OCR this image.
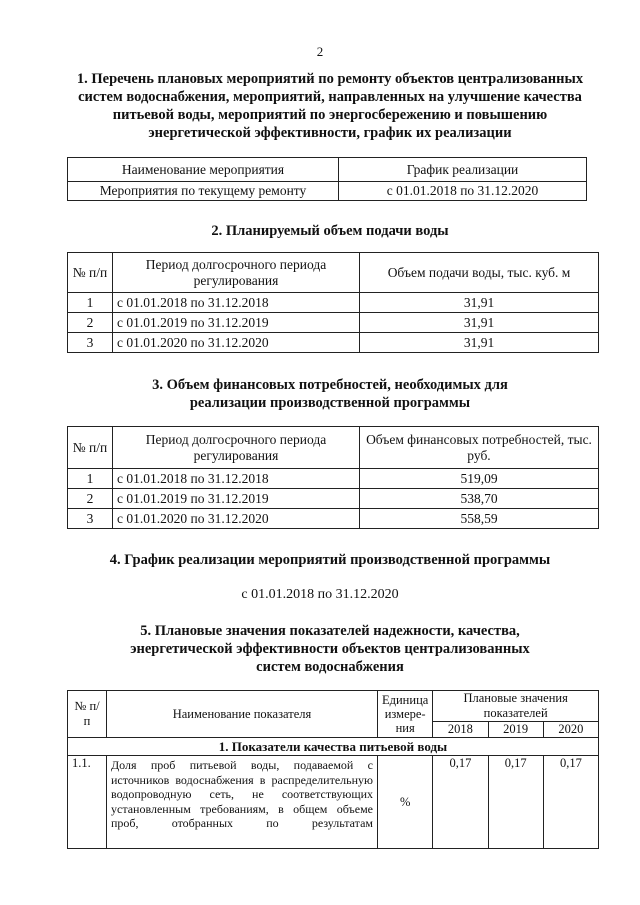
2
1. Перечень плановых мероприятий по ремонту объектов централизованных систем водоснабжения, мероприятий, направленных на улучшение качества питьевой воды, мероприятий по энергосбережению и повышению энергетической эффективности, график их реализации
Наименование мероприятия	График реализации
Мероприятия по текущему ремонту	с 01.01.2018 по 31.12.2020
2. Планируемый объем подачи воды
№ п/п	Период долгосрочного периода регулирования	Объем подачи воды, тыс. куб. м
1	с 01.01.2018 по 31.12.2018	31,91
2	с 01.01.2019 по 31.12.2019	31,91
3	с 01.01.2020 по 31.12.2020	31,91
3. Объем финансовых потребностей, необходимых для реализации производственной программы
№ п/п	Период долгосрочного периода регулирования	Объем финансовых потребностей, тыс. руб.
1	с 01.01.2018 по 31.12.2018	519,09
2	с 01.01.2019 по 31.12.2019	538,70
3	с 01.01.2020 по 31.12.2020	558,59
4. График реализации мероприятий производственной программы
с 01.01.2018 по 31.12.2020
5. Плановые значения показателей надежности, качества, энергетической эффективности объектов централизованных систем водоснабжения
№ п/п	Наименование показателя	Единица измере-ния	Плановые значения показателей		
			2018	2019	2020
1. Показатели качества питьевой воды					
1.1.	Доля проб питьевой воды, подаваемой с источников водоснабжения в распределительную водопроводную сеть, не соответствующих установленным требованиям, в общем объеме проб, отобранных по результатам	%	0,17	0,17	0,17
